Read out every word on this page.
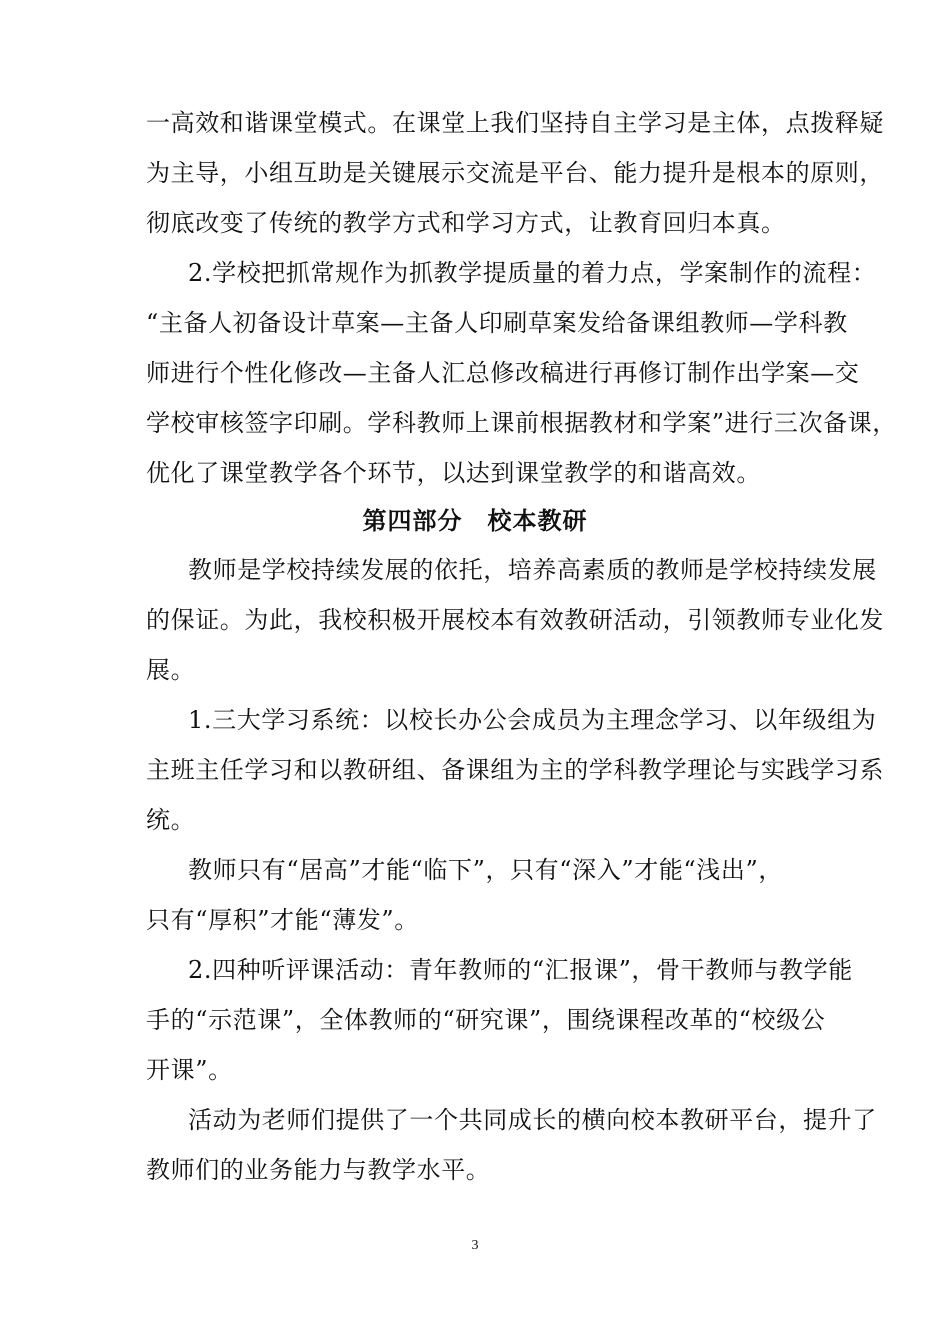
一高效和谐课堂模式。在课堂上我们坚持自主学习是主体，点拨释疑
为主导，小组互助是关键展示交流是平台、能力提升是根本的原则，
彻底改变了传统的教学方式和学习方式，让教育回归本真。
2.学校把抓常规作为抓教学提质量的着力点，学案制作的流程：
“主备人初备设计草案—主备人印刷草案发给备课组教师—学科教
师进行个性化修改—主备人汇总修改稿进行再修订制作出学案—交
学校审核签字印刷。学科教师上课前根据教材和学案”进行三次备课，
优化了课堂教学各个环节，以达到课堂教学的和谐高效。
第四部分　校本教研
教师是学校持续发展的依托，培养高素质的教师是学校持续发展
的保证。为此，我校积极开展校本有效教研活动，引领教师专业化发
展。
1.三大学习系统：以校长办公会成员为主理念学习、以年级组为
主班主任学习和以教研组、备课组为主的学科教学理论与实践学习系
统。
教师只有“居高”才能“临下”，只有“深入”才能“浅出”，
只有“厚积”才能“薄发”。
2.四种听评课活动：青年教师的“汇报课”，骨干教师与教学能
手的“示范课”，全体教师的“研究课”，围绕课程改革的“校级公
开课”。
活动为老师们提供了一个共同成长的横向校本教研平台，提升了
教师们的业务能力与教学水平。
3
